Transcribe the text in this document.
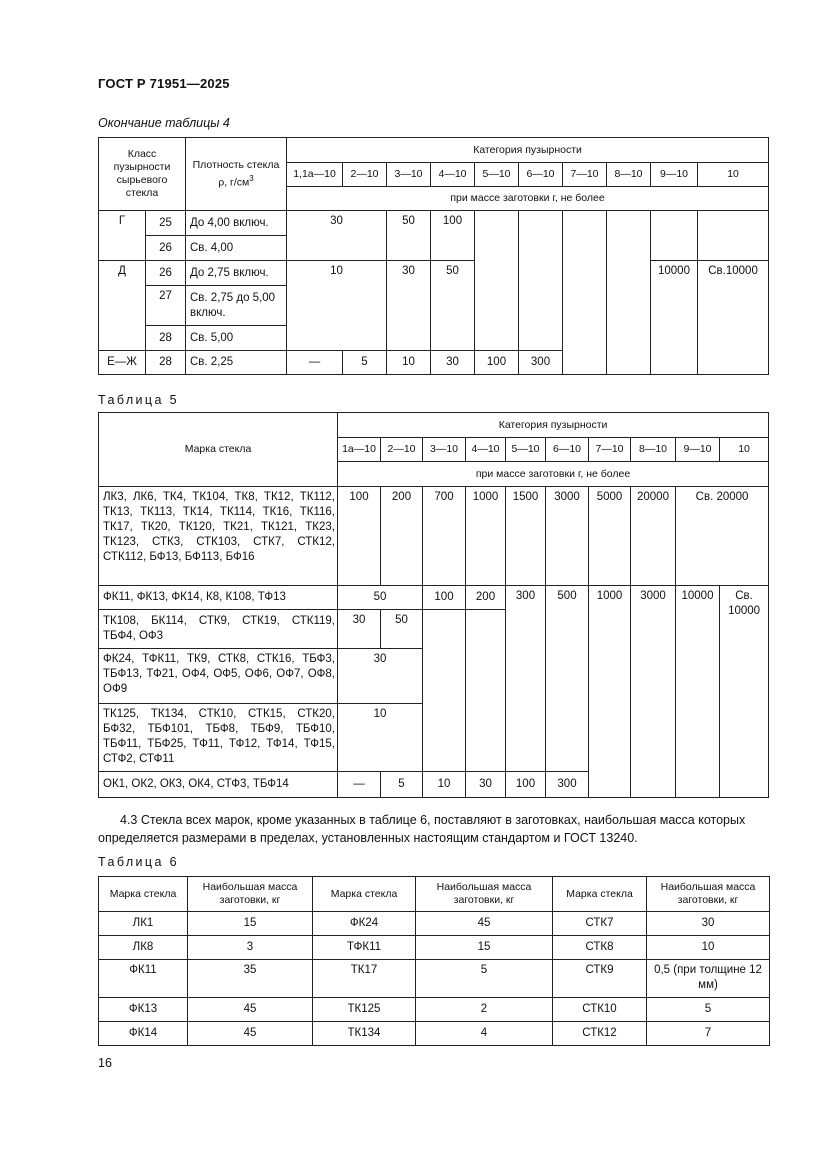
ГОСТ Р 71951—2025
Окончание таблицы 4
Класс пузырности сырьевого стекла		Плотность стекла ρ, $г/см^3$	Категория пузырности									
			1,1а—10	2—10	3—10	4—10	5—10	6—10	7—10	8—10	9—10	10
			при массе заготовки г, не более									
Г	25	До 4,00 включ.	30		50	100						
	26	Св. 4,00										
Д	26	До 2,75 включ.	10		30	50					10000	Св.10000
	27	Св. 2,75 до 5,00 включ.										
	28	Св. 5,00										
Е—Ж	28	Св. 2,25	—	5	10	30	100	300				
Таблица 5
Марка стекла	Категория пузырности									
	1а—10	2—10	3—10	4—10	5—10	6—10	7—10	8—10	9—10	10
	при массе заготовки г, не более									

ЛК3, ЛК6, ТК4, ТК104, ТК8, ТК12, ТК112, ТК13, ТК113, ТК14, ТК114, ТК16, ТК116, ТК17, ТК20, ТК120, ТК21, ТК121, ТК23, ТК123, СТК3, СТК103, СТК7, СТК12, СТК112, БФ13, БФ113, БФ16	100	200	700	1000	1500	3000	5000	20000	Св. 20000	
ФК11, ФК13, ФК14, К8, К108, ТФ13	50		100	200	300	500	1000	3000	10000	Св. 10000

ТК108, БК114, СТК9, СТК19, СТК119, ТБФ4, ОФ3	30	50								

ФК24, ТФК11, ТК9, СТК8, СТК16, ТБФ3, ТБФ13, ТФ21, ОФ4, ОФ5, ОФ6, ОФ7, ОФ8, ОФ9	30									

ТК125, ТК134, СТК10, СТК15, СТК20, БФ32, ТБФ101, ТБФ8, ТБФ9, ТБФ10, ТБФ11, ТБФ25, ТФ11, ТФ12, ТФ14, ТФ15, СТФ2, СТФ11	10									
ОК1, ОК2, ОК3, ОК4, СТФ3, ТБФ14	—	5	10	30	100	300				
4.3 Стекла всех марок, кроме указанных в таблице 6, поставляют в заготовках, наибольшая масса которых определяется размерами в пределах, установленных настоящим стандартом и ГОСТ 13240.
Таблица 6
Марка стекла	Наибольшая масса заготовки, кг	Марка стекла	Наибольшая масса заготовки, кг	Марка стекла	Наибольшая масса заготовки, кг
ЛК1	15	ФК24	45	СТК7	30
ЛК8	3	ТФК11	15	СТК8	10
ФК11	35	ТК17	5	СТК9	0,5 (при толщине 12 мм)
ФК13	45	ТК125	2	СТК10	5
ФК14	45	ТК134	4	СТК12	7
16
